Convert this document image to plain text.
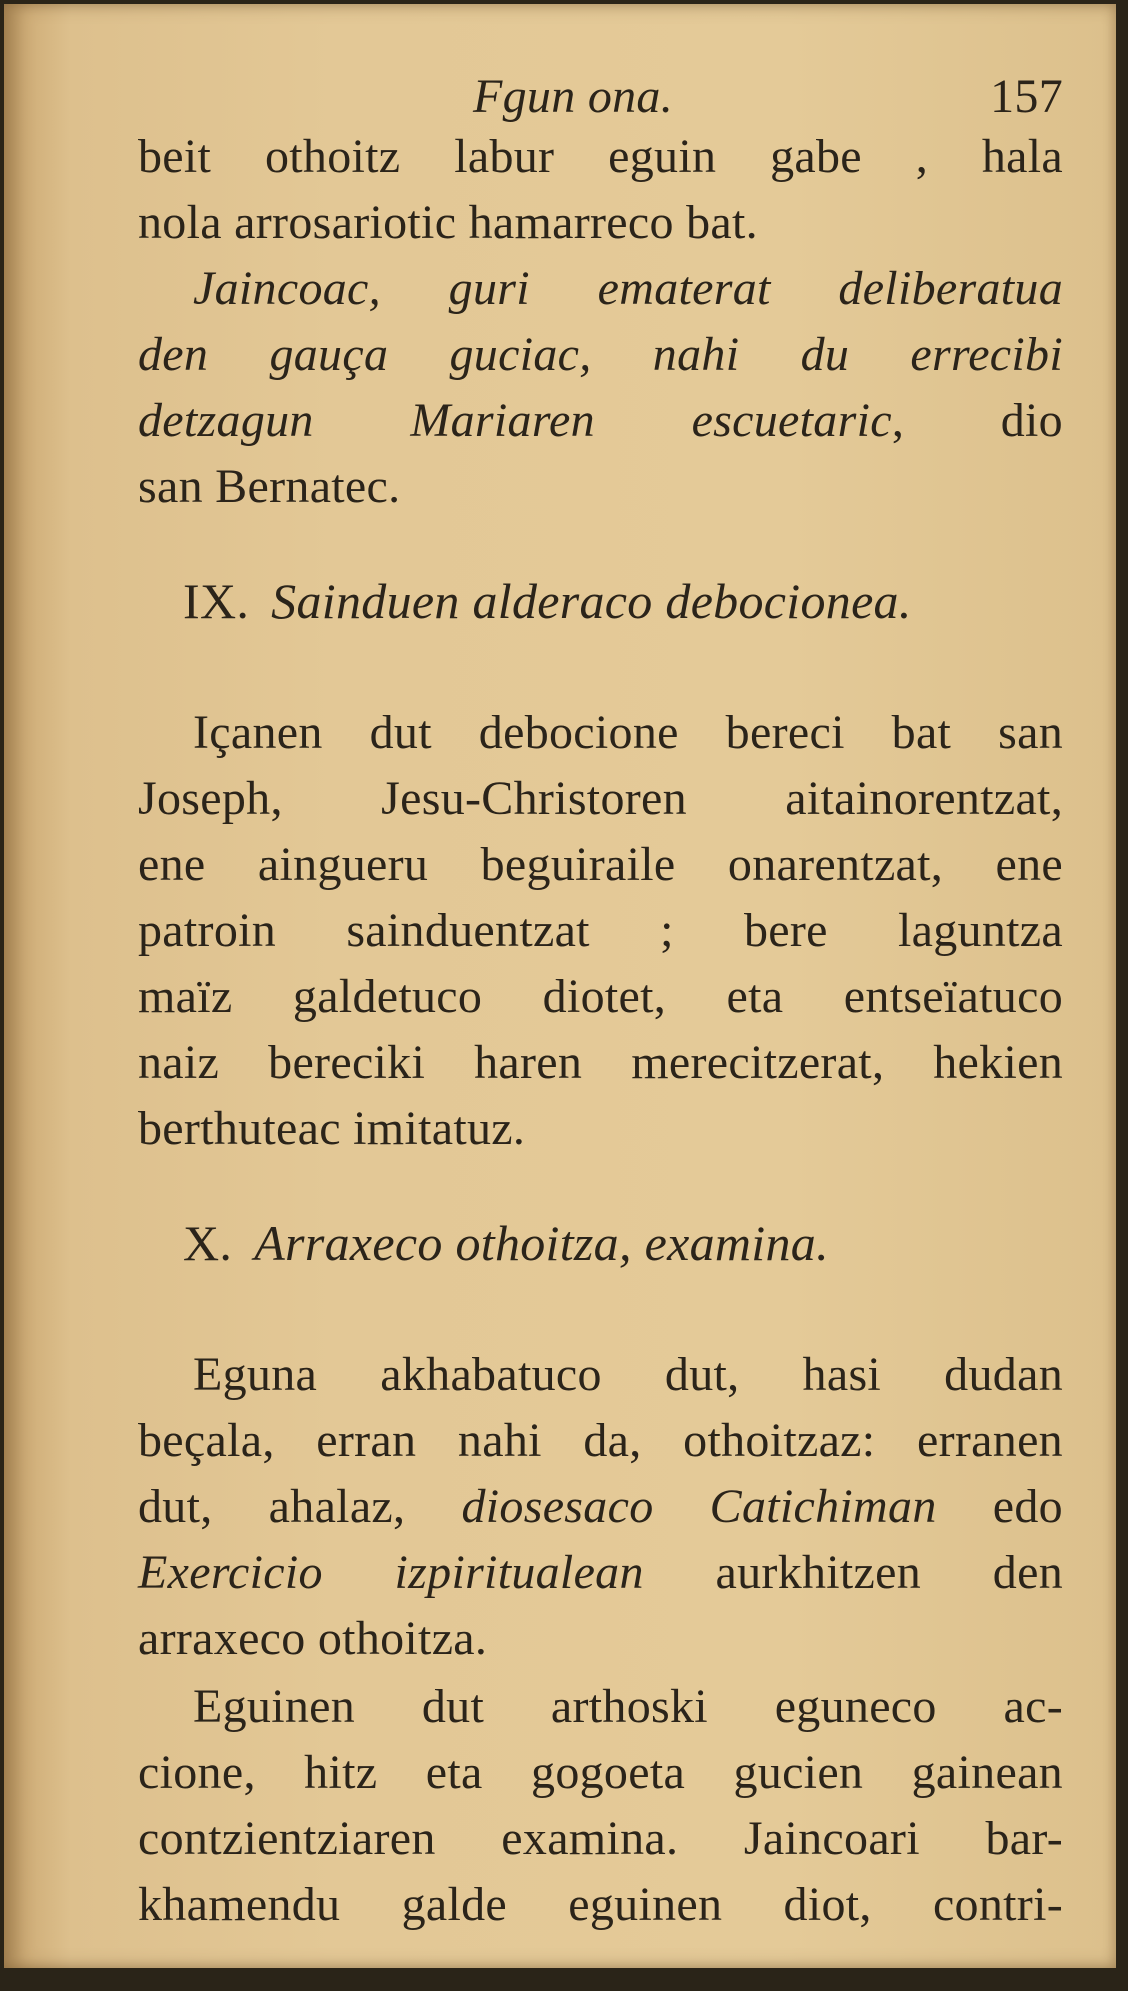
Fgun ona.	157
beit othoitz labur eguin gabe , hala
nola arrosariotic hamarreco bat.
Jaincoac, guri ematerat deliberatua
den gauça guciac, nahi du errecibi
detzagun Mariaren escuetaric, dio
san Bernatec.
IX. Sainduen alderaco debocionea.
Içanen dut debocione bereci bat san
Joseph, Jesu-Christoren aitainorentzat,
ene aingueru beguiraile onarentzat, ene
patroin sainduentzat ; bere laguntza
maïz galdetuco diotet, eta entseïatuco
naiz bereciki haren merecitzerat, hekien
berthuteac imitatuz.
X. Arraxeco othoitza, examina.
Eguna akhabatuco dut, hasi dudan
beçala, erran nahi da, othoitzaz: erranen
dut, ahalaz, diosesaco Catichiman edo
Exercicio izpiritualean aurkhitzen den
arraxeco othoitza.
Eguinen dut arthoski eguneco ac-
cione, hitz eta gogoeta gucien gainean
contzientziaren examina. Jaincoari bar-
khamendu galde eguinen diot, contri-
